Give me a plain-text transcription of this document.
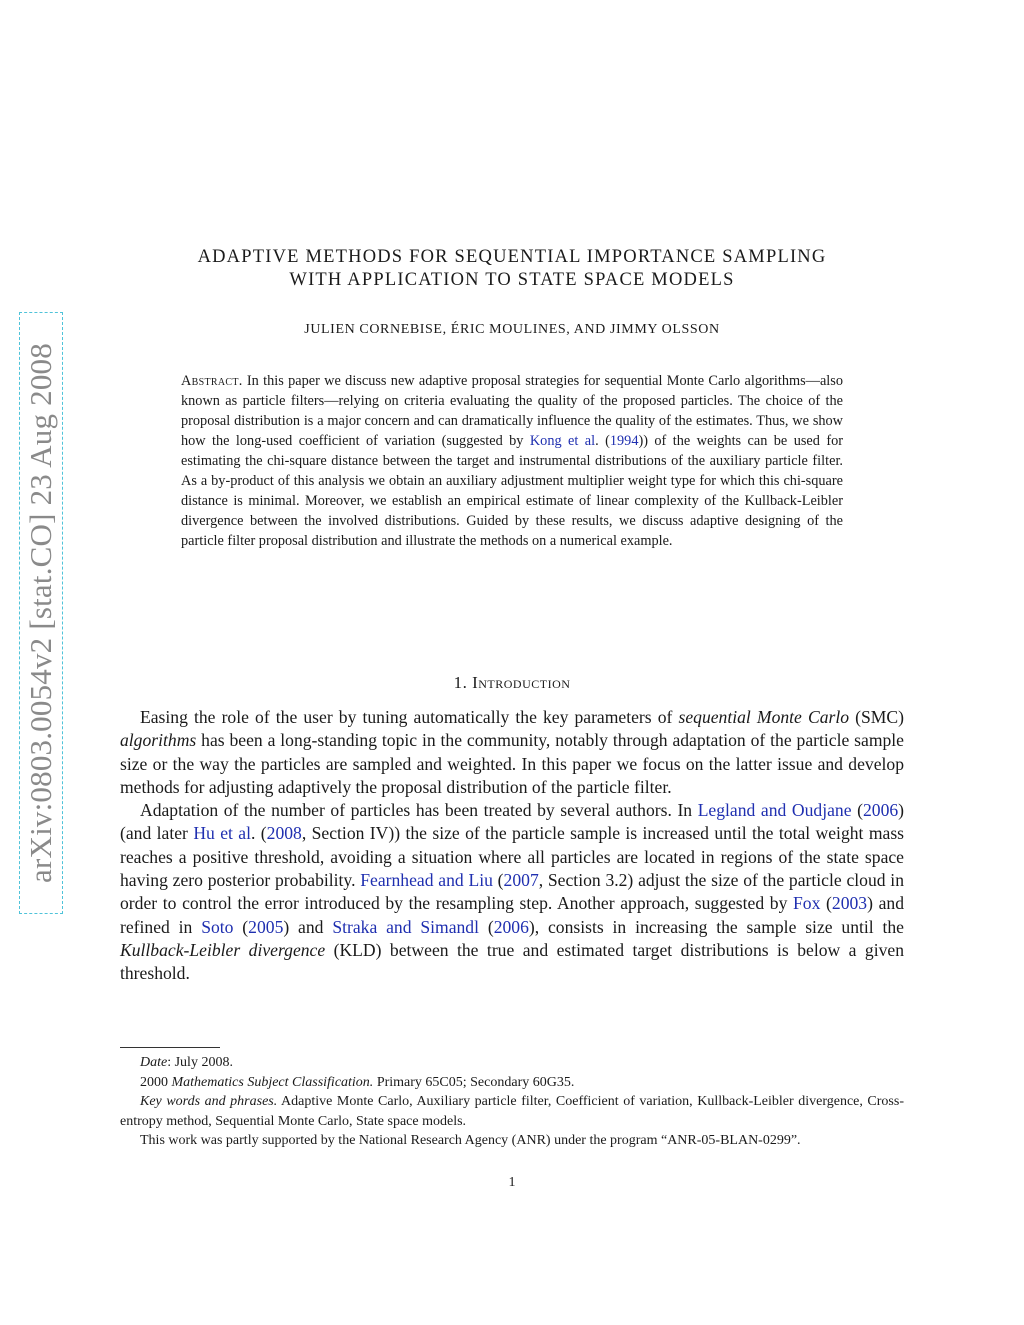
arXiv:0803.0054v2 [stat.CO] 23 Aug 2008
ADAPTIVE METHODS FOR SEQUENTIAL IMPORTANCE SAMPLING
WITH APPLICATION TO STATE SPACE MODELS
JULIEN CORNEBISE, ÉRIC MOULINES, AND JIMMY OLSSON
Abstract. In this paper we discuss new adaptive proposal strategies for sequential Monte Carlo algorithms—also known as particle filters—relying on criteria evaluating the quality of the proposed particles. The choice of the proposal distribution is a major concern and can dramatically influence the quality of the estimates. Thus, we show how the long-used coefficient of variation (suggested by Kong et al. (1994)) of the weights can be used for estimating the chi-square distance between the target and instrumental distributions of the auxiliary particle filter. As a by-product of this analysis we obtain an auxiliary adjustment multiplier weight type for which this chi-square distance is minimal. Moreover, we establish an empirical estimate of linear complexity of the Kullback-Leibler divergence between the involved distributions. Guided by these results, we discuss adaptive designing of the particle filter proposal distribution and illustrate the methods on a numerical example.
1. Introduction

Easing the role of the user by tuning automatically the key parameters of sequential Monte Carlo (SMC) algorithms has been a long-standing topic in the community, notably through adaptation of the particle sample size or the way the particles are sampled and weighted. In this paper we focus on the latter issue and develop methods for adjusting adaptively the proposal distribution of the particle filter.

Adaptation of the number of particles has been treated by several authors. In Legland and Oudjane (2006) (and later Hu et al. (2008, Section IV)) the size of the particle sample is increased until the total weight mass reaches a positive threshold, avoiding a situation where all particles are located in regions of the state space having zero posterior probability. Fearnhead and Liu (2007, Section 3.2) adjust the size of the particle cloud in order to control the error introduced by the resampling step. Another approach, suggested by Fox (2003) and refined in Soto (2005) and Straka and Simandl (2006), consists in increasing the sample size until the Kullback-Leibler divergence (KLD) between the true and estimated target distributions is below a given threshold.

Date: July 2008.

2000 Mathematics Subject Classification. Primary 65C05; Secondary 60G35.

Key words and phrases. Adaptive Monte Carlo, Auxiliary particle filter, Coefficient of variation, Kullback-Leibler divergence, Cross-entropy method, Sequential Monte Carlo, State space models.

This work was partly supported by the National Research Agency (ANR) under the program “ANR-05-BLAN-0299”.

1
